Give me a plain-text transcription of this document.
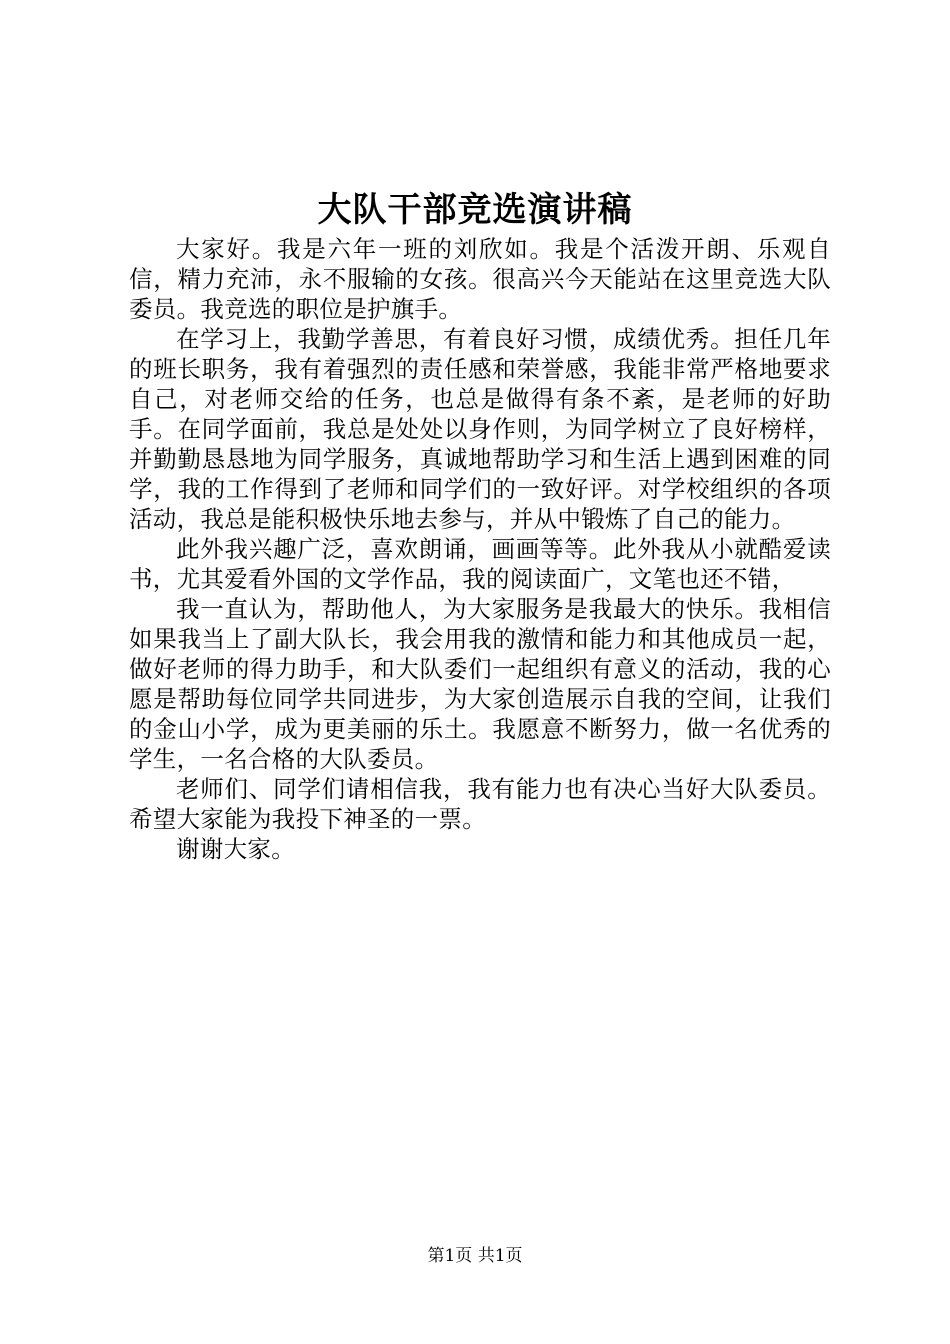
大队干部竞选演讲稿

大家好。我是六年一班的刘欣如。我是个活泼开朗、乐观自信，精力充沛，永不服输的女孩。很高兴今天能站在这里竞选大队委员。我竞选的职位是护旗手。

在学习上，我勤学善思，有着良好习惯，成绩优秀。担任几年的班长职务，我有着强烈的责任感和荣誉感，我能非常严格地要求自己，对老师交给的任务，也总是做得有条不紊，是老师的好助手。在同学面前，我总是处处以身作则，为同学树立了良好榜样，并勤勤恳恳地为同学服务，真诚地帮助学习和生活上遇到困难的同学，我的工作得到了老师和同学们的一致好评。对学校组织的各项活动，我总是能积极快乐地去参与，并从中锻炼了自己的能力。

此外我兴趣广泛，喜欢朗诵，画画等等。此外我从小就酷爱读书，尤其爱看外国的文学作品，我的阅读面广，文笔也还不错，

我一直认为，帮助他人，为大家服务是我最大的快乐。我相信如果我当上了副大队长，我会用我的激情和能力和其他成员一起，做好老师的得力助手，和大队委们一起组织有意义的活动，我的心愿是帮助每位同学共同进步，为大家创造展示自我的空间，让我们的金山小学，成为更美丽的乐土。我愿意不断努力，做一名优秀的学生，一名合格的大队委员。

老师们、同学们请相信我，我有能力也有决心当好大队委员。希望大家能为我投下神圣的一票。

谢谢大家。

第1页 共1页
